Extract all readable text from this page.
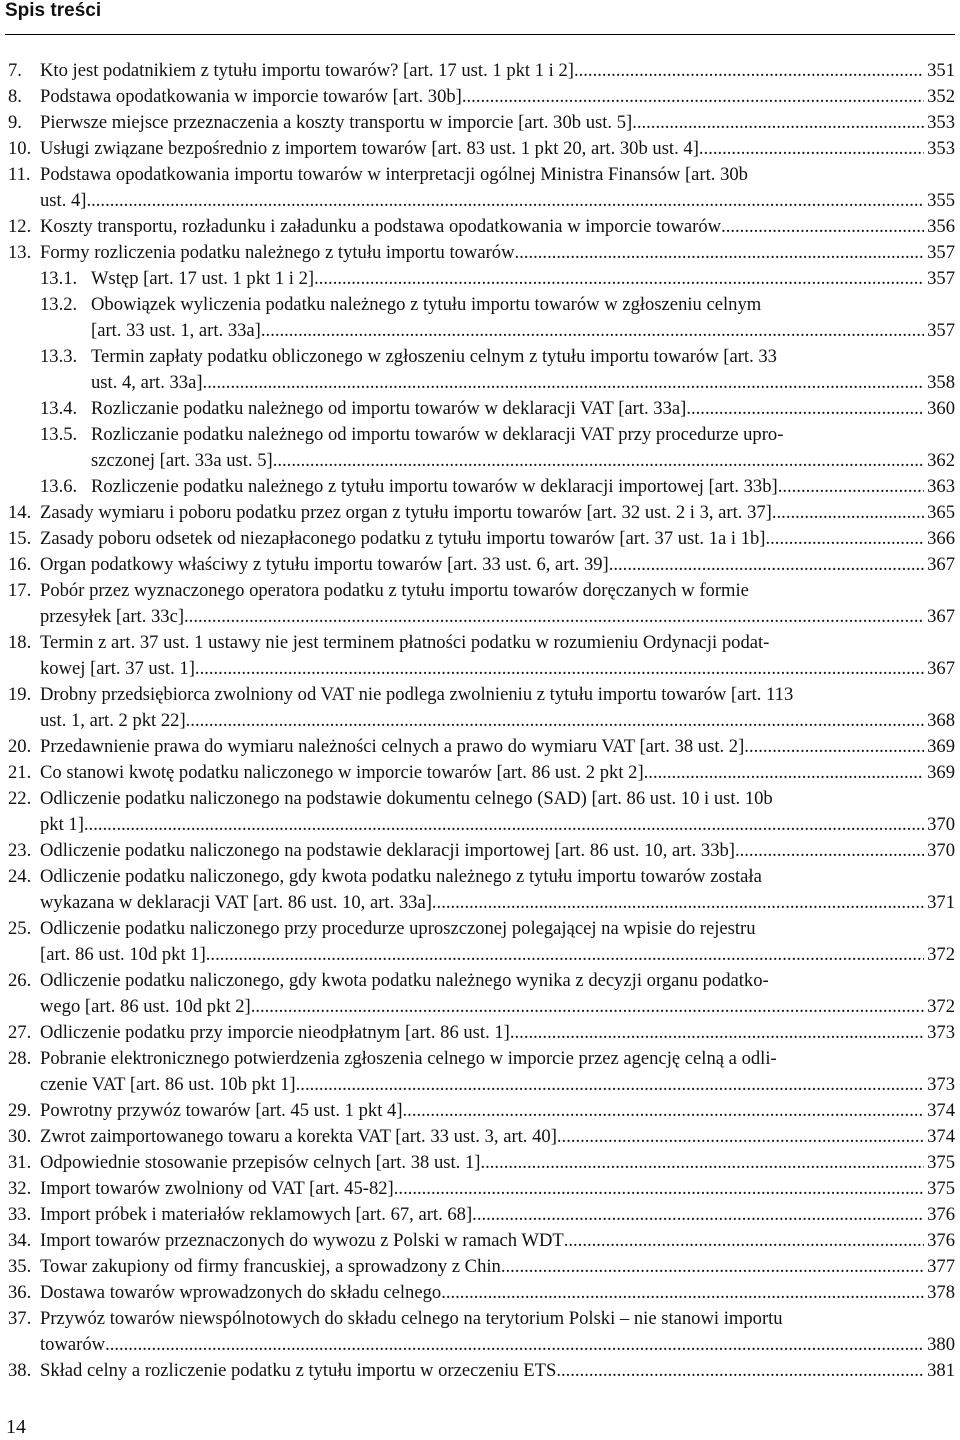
Spis treści
7. Kto jest podatnikiem z tytułu importu towarów? [art. 17 ust. 1 pkt 1 i 2] .....	351
8. Podstawa opodatkowania w imporcie towarów [art. 30b] .....	352
9. Pierwsze miejsce przeznaczenia a koszty transportu w imporcie [art. 30b ust. 5] .....	353
10. Usługi związane bezpośrednio z importem towarów [art. 83 ust. 1 pkt 20, art. 30b ust. 4] .....	353
11. Podstawa opodatkowania importu towarów w interpretacji ogólnej Ministra Finansów [art. 30b
ust. 4] .....	355
12. Koszty transportu, rozładunku i załadunku a podstawa opodatkowania w imporcie towarów .....	356
13. Formy rozliczenia podatku należnego z tytułu importu towarów .....	357
13.1. Wstęp [art. 17 ust. 1 pkt 1 i 2] .....	357
13.2. Obowiązek wyliczenia podatku należnego z tytułu importu towarów w zgłoszeniu celnym
[art. 33 ust. 1, art. 33a] .....	357
13.3. Termin zapłaty podatku obliczonego w zgłoszeniu celnym z tytułu importu towarów [art. 33
ust. 4, art. 33a] .....	358
13.4. Rozliczanie podatku należnego od importu towarów w deklaracji VAT [art. 33a] .....	360
13.5. Rozliczanie podatku należnego od importu towarów w deklaracji VAT przy procedurze upro-
szczonej [art. 33a ust. 5] .....	362
13.6. Rozliczenie podatku należnego z tytułu importu towarów w deklaracji importowej [art. 33b] .....	363
14. Zasady wymiaru i poboru podatku przez organ z tytułu importu towarów [art. 32 ust. 2 i 3, art. 37] .....	365
15. Zasady poboru odsetek od niezapłaconego podatku z tytułu importu towarów [art. 37 ust. 1a i 1b] .....	366
16. Organ podatkowy właściwy z tytułu importu towarów [art. 33 ust. 6, art. 39] .....	367
17. Pobór przez wyznaczonego operatora podatku z tytułu importu towarów doręczanych w formie
przesyłek [art. 33c] .....	367
18. Termin z art. 37 ust. 1 ustawy nie jest terminem płatności podatku w rozumieniu Ordynacji podat-
kowej [art. 37 ust. 1] .....	367
19. Drobny przedsiębiorca zwolniony od VAT nie podlega zwolnieniu z tytułu importu towarów [art. 113
ust. 1, art. 2 pkt 22] .....	368
20. Przedawnienie prawa do wymiaru należności celnych a prawo do wymiaru VAT [art. 38 ust. 2] .....	369
21. Co stanowi kwotę podatku naliczonego w imporcie towarów [art. 86 ust. 2 pkt 2] .....	369
22. Odliczenie podatku naliczonego na podstawie dokumentu celnego (SAD) [art. 86 ust. 10 i ust. 10b
pkt 1] .....	370
23. Odliczenie podatku naliczonego na podstawie deklaracji importowej [art. 86 ust. 10, art. 33b] .....	370
24. Odliczenie podatku naliczonego, gdy kwota podatku należnego z tytułu importu towarów została
wykazana w deklaracji VAT [art. 86 ust. 10, art. 33a] .....	371
25. Odliczenie podatku naliczonego przy procedurze uproszczonej polegającej na wpisie do rejestru
[art. 86 ust. 10d pkt 1] .....	372
26. Odliczenie podatku naliczonego, gdy kwota podatku należnego wynika z decyzji organu podatko-
wego [art. 86 ust. 10d pkt 2] .....	372
27. Odliczenie podatku przy imporcie nieodpłatnym [art. 86 ust. 1] .....	373
28. Pobranie elektronicznego potwierdzenia zgłoszenia celnego w imporcie przez agencję celną a odli-
czenie VAT [art. 86 ust. 10b pkt 1] .....	373
29. Powrotny przywóz towarów [art. 45 ust. 1 pkt 4] .....	374
30. Zwrot zaimportowanego towaru a korekta VAT [art. 33 ust. 3, art. 40] .....	374
31. Odpowiednie stosowanie przepisów celnych [art. 38 ust. 1] .....	375
32. Import towarów zwolniony od VAT [art. 45-82] .....	375
33. Import próbek i materiałów reklamowych [art. 67, art. 68] .....	376
34. Import towarów przeznaczonych do wywozu z Polski w ramach WDT .....	376
35. Towar zakupiony od firmy francuskiej, a sprowadzony z Chin .....	377
36. Dostawa towarów wprowadzonych do składu celnego .....	378
37. Przywóz towarów niewspólnotowych do składu celnego na terytorium Polski – nie stanowi importu
towarów .....	380
38. Skład celny a rozliczenie podatku z tytułu importu w orzeczeniu ETS .....	381
14
